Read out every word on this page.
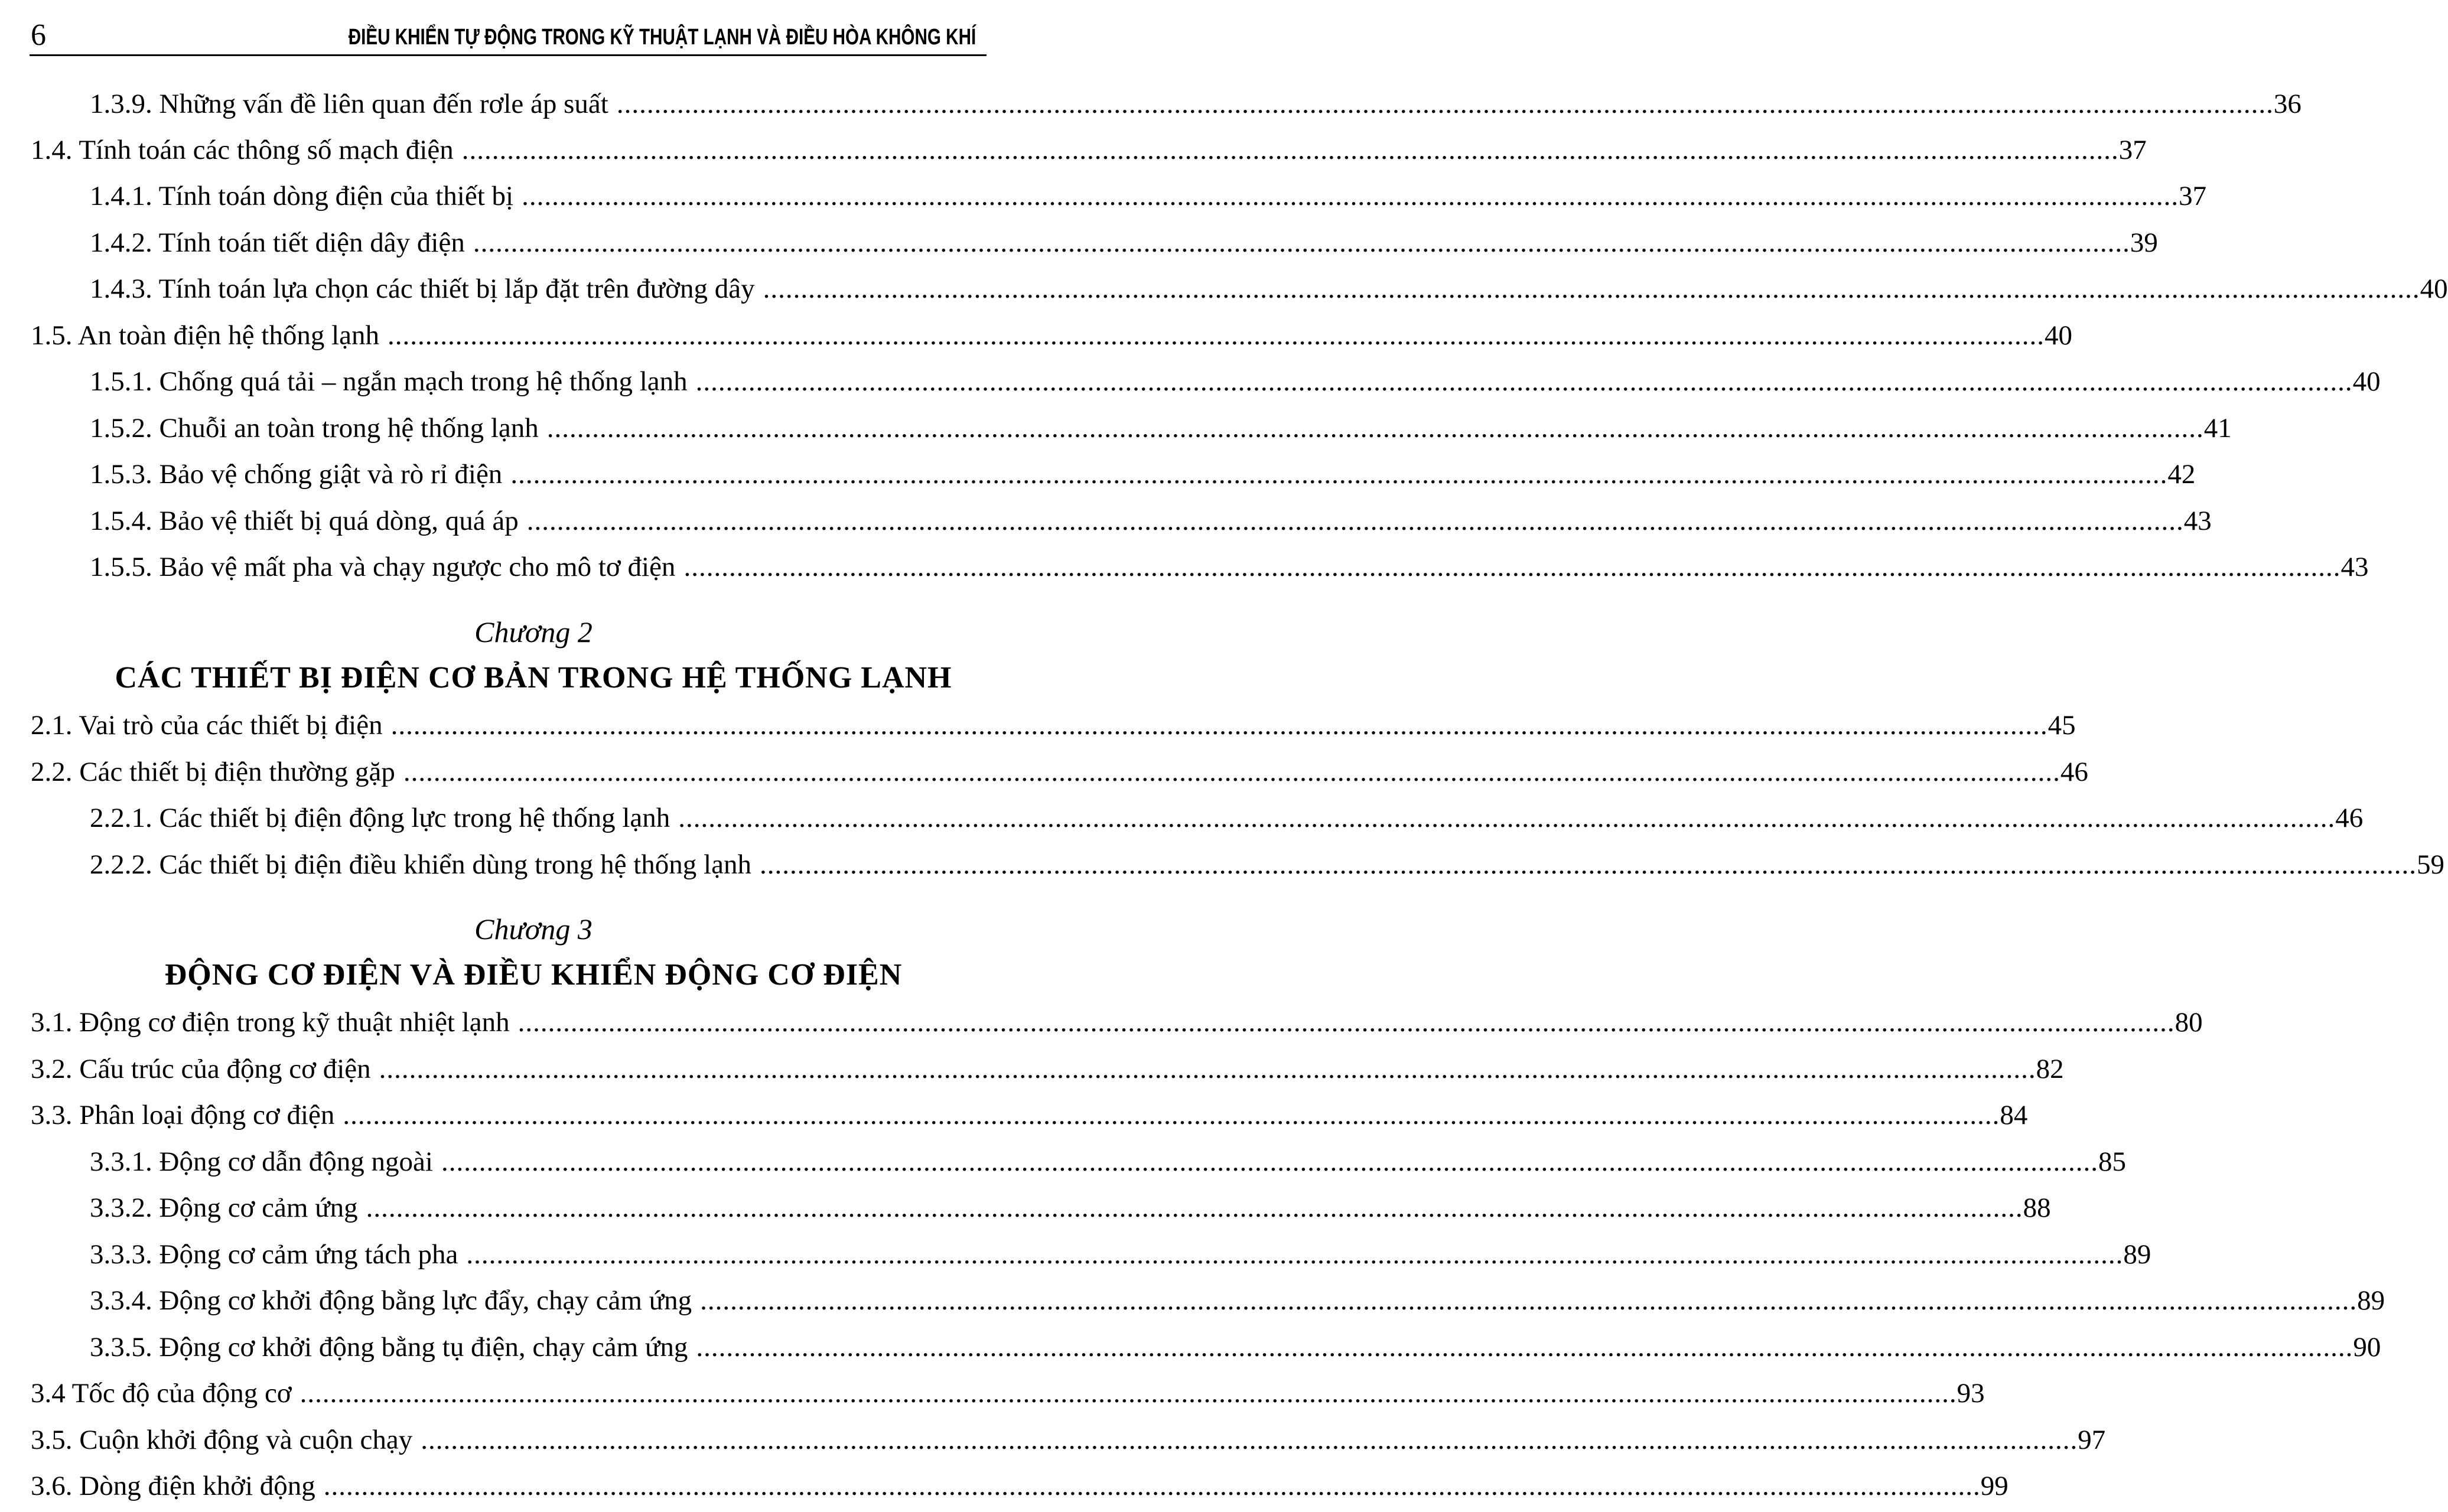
6	ĐIỀU KHIỂN TỰ ĐỘNG TRONG KỸ THUẬT LẠNH VÀ ĐIỀU HÒA KHÔNG KHÍ
1.3.9. Những vấn đề liên quan đến rơle áp suất ............................................................................................................................................................................................................................ 36
1.4. Tính toán các thông số mạch điện ............................................................................................................................................................................................................................ 37
1.4.1. Tính toán dòng điện của thiết bị ............................................................................................................................................................................................................................ 37
1.4.2. Tính toán tiết diện dây điện ............................................................................................................................................................................................................................ 39
1.4.3. Tính toán lựa chọn các thiết bị lắp đặt trên đường dây ............................................................................................................................................................................................................................ 40
1.5. An toàn điện hệ thống lạnh ............................................................................................................................................................................................................................ 40
1.5.1. Chống quá tải – ngắn mạch trong hệ thống lạnh ............................................................................................................................................................................................................................ 40
1.5.2. Chuỗi an toàn trong hệ thống lạnh ............................................................................................................................................................................................................................ 41
1.5.3. Bảo vệ chống giật và rò rỉ điện ............................................................................................................................................................................................................................ 42
1.5.4. Bảo vệ thiết bị quá dòng, quá áp ............................................................................................................................................................................................................................ 43
1.5.5. Bảo vệ mất pha và chạy ngược cho mô tơ điện ............................................................................................................................................................................................................................ 43
Chương 2
CÁC THIẾT BỊ ĐIỆN CƠ BẢN TRONG HỆ THỐNG LẠNH
2.1. Vai trò của các thiết bị điện ............................................................................................................................................................................................................................ 45
2.2. Các thiết bị điện thường gặp ............................................................................................................................................................................................................................ 46
2.2.1. Các thiết bị điện động lực trong hệ thống lạnh ............................................................................................................................................................................................................................ 46
2.2.2. Các thiết bị điện điều khiển dùng trong hệ thống lạnh ............................................................................................................................................................................................................................ 59
Chương 3
ĐỘNG CƠ ĐIỆN VÀ ĐIỀU KHIỂN ĐỘNG CƠ ĐIỆN
3.1. Động cơ điện trong kỹ thuật nhiệt lạnh ............................................................................................................................................................................................................................ 80
3.2. Cấu trúc của động cơ điện ............................................................................................................................................................................................................................ 82
3.3. Phân loại động cơ điện ............................................................................................................................................................................................................................ 84
3.3.1. Động cơ dẫn động ngoài ............................................................................................................................................................................................................................ 85
3.3.2. Động cơ cảm ứng ............................................................................................................................................................................................................................ 88
3.3.3. Động cơ cảm ứng tách pha ............................................................................................................................................................................................................................ 89
3.3.4. Động cơ khởi động bằng lực đẩy, chạy cảm ứng ............................................................................................................................................................................................................................ 89
3.3.5. Động cơ khởi động bằng tụ điện, chạy cảm ứng ............................................................................................................................................................................................................................ 90
3.4 Tốc độ của động cơ ............................................................................................................................................................................................................................ 93
3.5. Cuộn khởi động và cuộn chạy ............................................................................................................................................................................................................................ 97
3.6. Dòng điện khởi động ............................................................................................................................................................................................................................ 99
